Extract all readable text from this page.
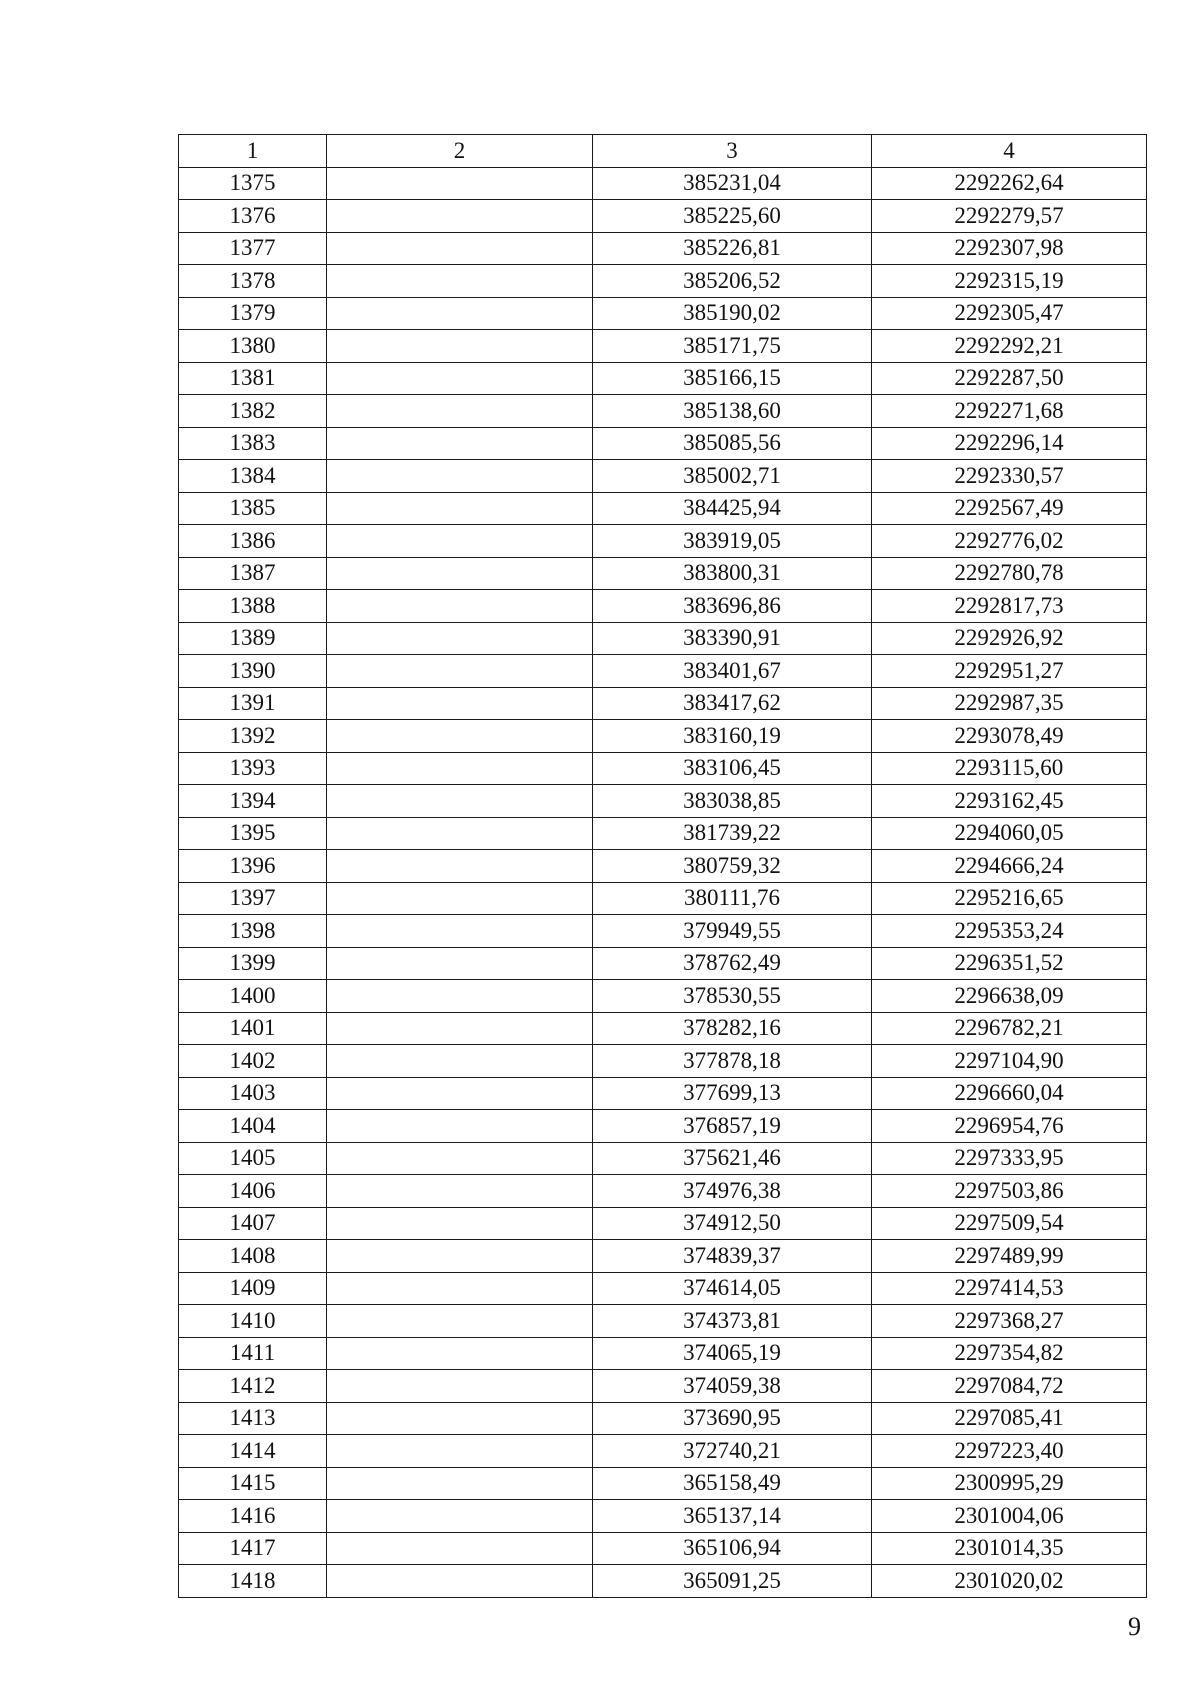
1	2	3	4
1375		385231,04	2292262,64
1376		385225,60	2292279,57
1377		385226,81	2292307,98
1378		385206,52	2292315,19
1379		385190,02	2292305,47
1380		385171,75	2292292,21
1381		385166,15	2292287,50
1382		385138,60	2292271,68
1383		385085,56	2292296,14
1384		385002,71	2292330,57
1385		384425,94	2292567,49
1386		383919,05	2292776,02
1387		383800,31	2292780,78
1388		383696,86	2292817,73
1389		383390,91	2292926,92
1390		383401,67	2292951,27
1391		383417,62	2292987,35
1392		383160,19	2293078,49
1393		383106,45	2293115,60
1394		383038,85	2293162,45
1395		381739,22	2294060,05
1396		380759,32	2294666,24
1397		380111,76	2295216,65
1398		379949,55	2295353,24
1399		378762,49	2296351,52
1400		378530,55	2296638,09
1401		378282,16	2296782,21
1402		377878,18	2297104,90
1403		377699,13	2296660,04
1404		376857,19	2296954,76
1405		375621,46	2297333,95
1406		374976,38	2297503,86
1407		374912,50	2297509,54
1408		374839,37	2297489,99
1409		374614,05	2297414,53
1410		374373,81	2297368,27
1411		374065,19	2297354,82
1412		374059,38	2297084,72
1413		373690,95	2297085,41
1414		372740,21	2297223,40
1415		365158,49	2300995,29
1416		365137,14	2301004,06
1417		365106,94	2301014,35
1418		365091,25	2301020,02
9
